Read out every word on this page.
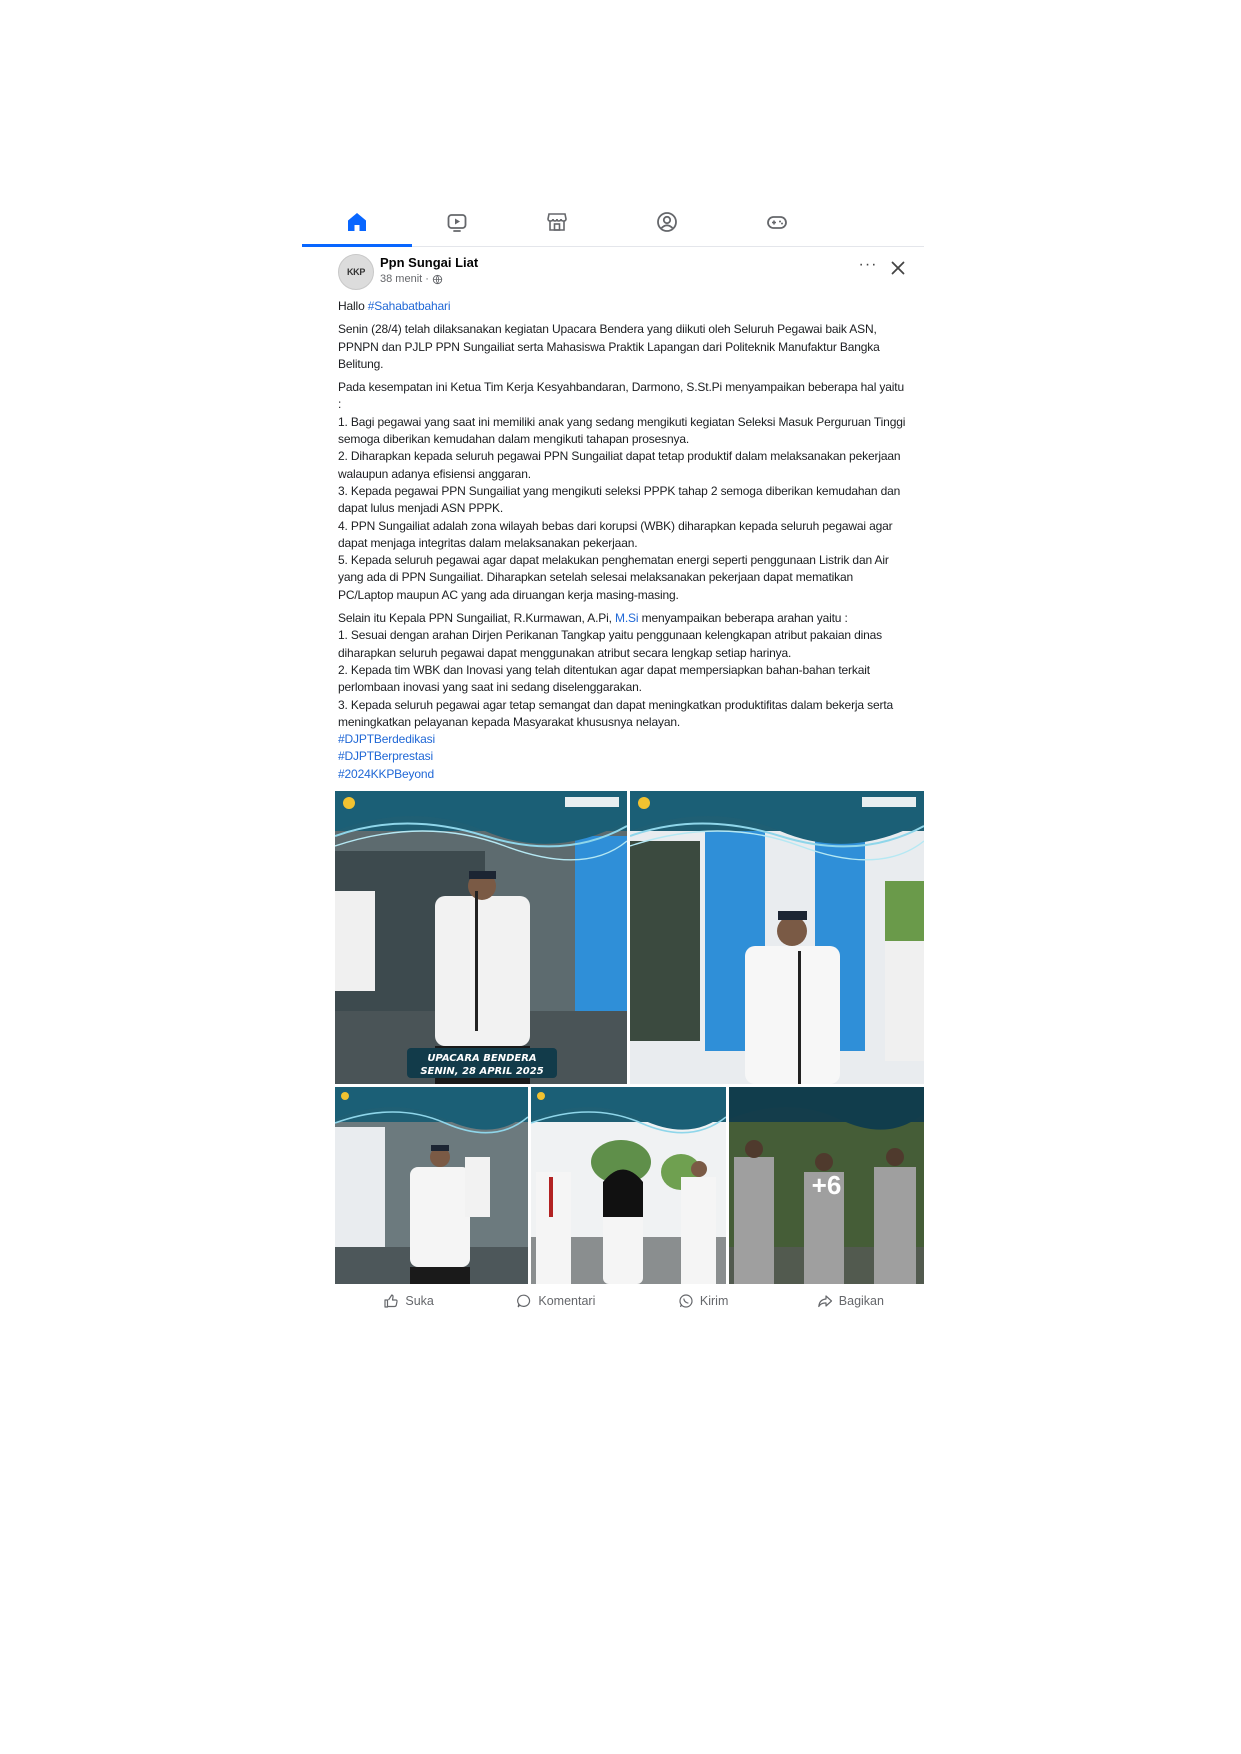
KKP
Ppn Sungai Liat
38 menit ·
···

Hallo #Sahabatbahari

Senin (28/4) telah dilaksanakan kegiatan Upacara Bendera yang diikuti oleh Seluruh Pegawai baik ASN, PPNPN dan PJLP PPN Sungailiat serta Mahasiswa Praktik Lapangan dari Politeknik Manufaktur Bangka Belitung.

Pada kesempatan ini Ketua Tim Kerja Kesyahbandaran, Darmono, S.St.Pi menyampaikan beberapa hal yaitu :
1. Bagi pegawai yang saat ini memiliki anak yang sedang mengikuti kegiatan Seleksi Masuk Perguruan Tinggi semoga diberikan kemudahan dalam mengikuti tahapan prosesnya.
2. Diharapkan kepada seluruh pegawai PPN Sungailiat dapat tetap produktif dalam melaksanakan pekerjaan walaupun adanya efisiensi anggaran.
3. Kepada pegawai PPN Sungailiat yang mengikuti seleksi PPPK tahap 2 semoga diberikan kemudahan dan dapat lulus menjadi ASN PPPK.
4. PPN Sungailiat adalah zona wilayah bebas dari korupsi (WBK) diharapkan kepada seluruh pegawai agar dapat menjaga integritas dalam melaksanakan pekerjaan.
5. Kepada seluruh pegawai agar dapat melakukan penghematan energi seperti penggunaan Listrik dan Air yang ada di PPN Sungailiat. Diharapkan setelah selesai melaksanakan pekerjaan dapat mematikan PC/Laptop maupun AC yang ada diruangan kerja masing-masing.
Selain itu Kepala PPN Sungailiat, R.Kurmawan, A.Pi, M.Si menyampaikan beberapa arahan yaitu :
1. Sesuai dengan arahan Dirjen Perikanan Tangkap yaitu penggunaan kelengkapan atribut pakaian dinas diharapkan seluruh pegawai dapat menggunakan atribut secara lengkap setiap harinya.
2. Kepada tim WBK dan Inovasi yang telah ditentukan agar dapat mempersiapkan bahan-bahan terkait perlombaan inovasi yang saat ini sedang diselenggarakan.
3. Kepada seluruh pegawai agar tetap semangat dan dapat meningkatkan produktifitas dalam bekerja serta meningkatkan pelayanan kepada Masyarakat khususnya nelayan.
#DJPTBerdedikasi
#DJPTBerprestasi
#2024KKPBeyond
UPACARA BENDERA
SENIN, 28 APRIL 2025
+6
Suka	Komentari	Kirim	Bagikan
